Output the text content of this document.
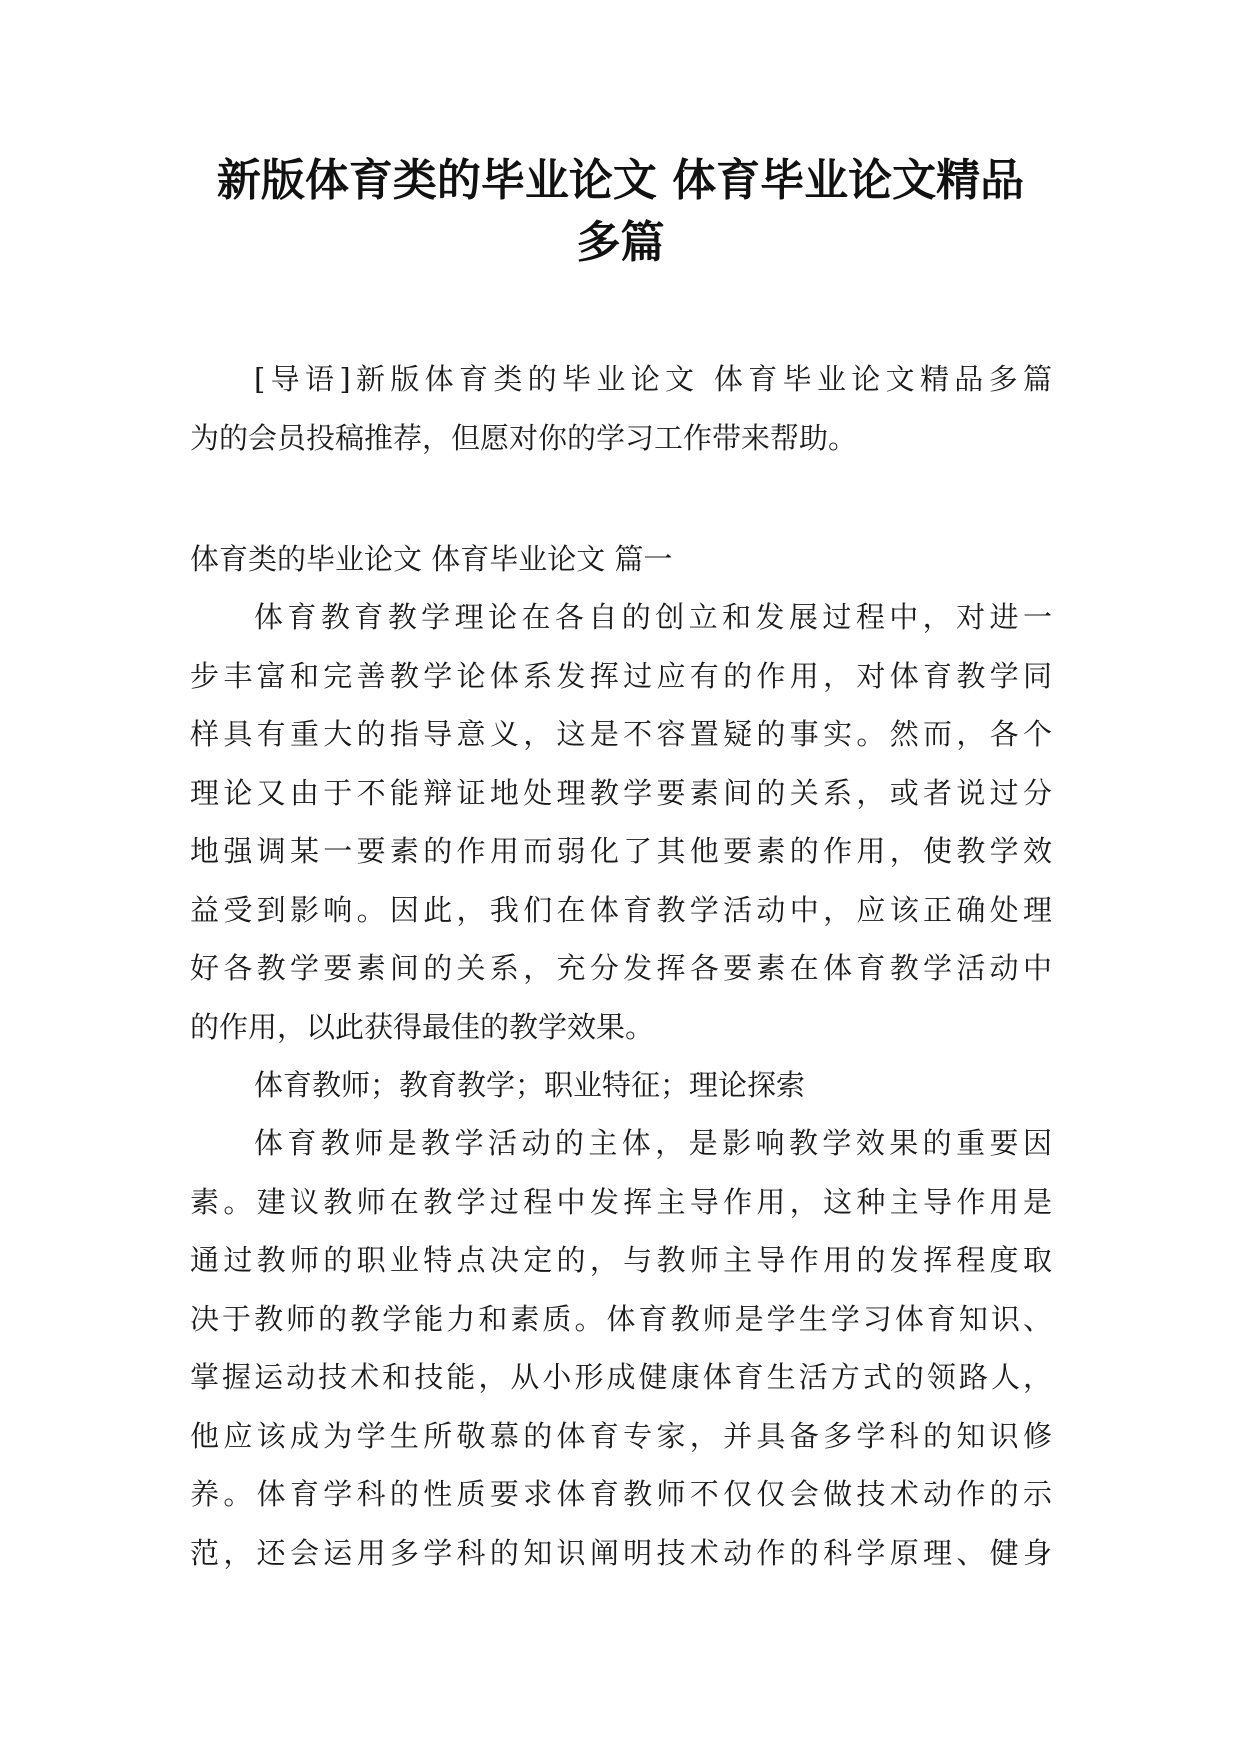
新版体育类的毕业论文 体育毕业论文精品
多篇
[导语]新版体育类的毕业论文 体育毕业论文精品多篇
为的会员投稿推荐，但愿对你的学习工作带来帮助。
体育类的毕业论文 体育毕业论文 篇一
体育教育教学理论在各自的创立和发展过程中，对进一
步丰富和完善教学论体系发挥过应有的作用，对体育教学同
样具有重大的指导意义，这是不容置疑的事实。然而，各个
理论又由于不能辩证地处理教学要素间的关系，或者说过分
地强调某一要素的作用而弱化了其他要素的作用，使教学效
益受到影响。因此，我们在体育教学活动中，应该正确处理
好各教学要素间的关系，充分发挥各要素在体育教学活动中
的作用，以此获得最佳的教学效果。
体育教师；教育教学；职业特征；理论探索
体育教师是教学活动的主体，是影响教学效果的重要因
素。建议教师在教学过程中发挥主导作用，这种主导作用是
通过教师的职业特点决定的，与教师主导作用的发挥程度取
决于教师的教学能力和素质。体育教师是学生学习体育知识、
掌握运动技术和技能，从小形成健康体育生活方式的领路人，
他应该成为学生所敬慕的体育专家，并具备多学科的知识修
养。体育学科的性质要求体育教师不仅仅会做技术动作的示
范，还会运用多学科的知识阐明技术动作的科学原理、健身
